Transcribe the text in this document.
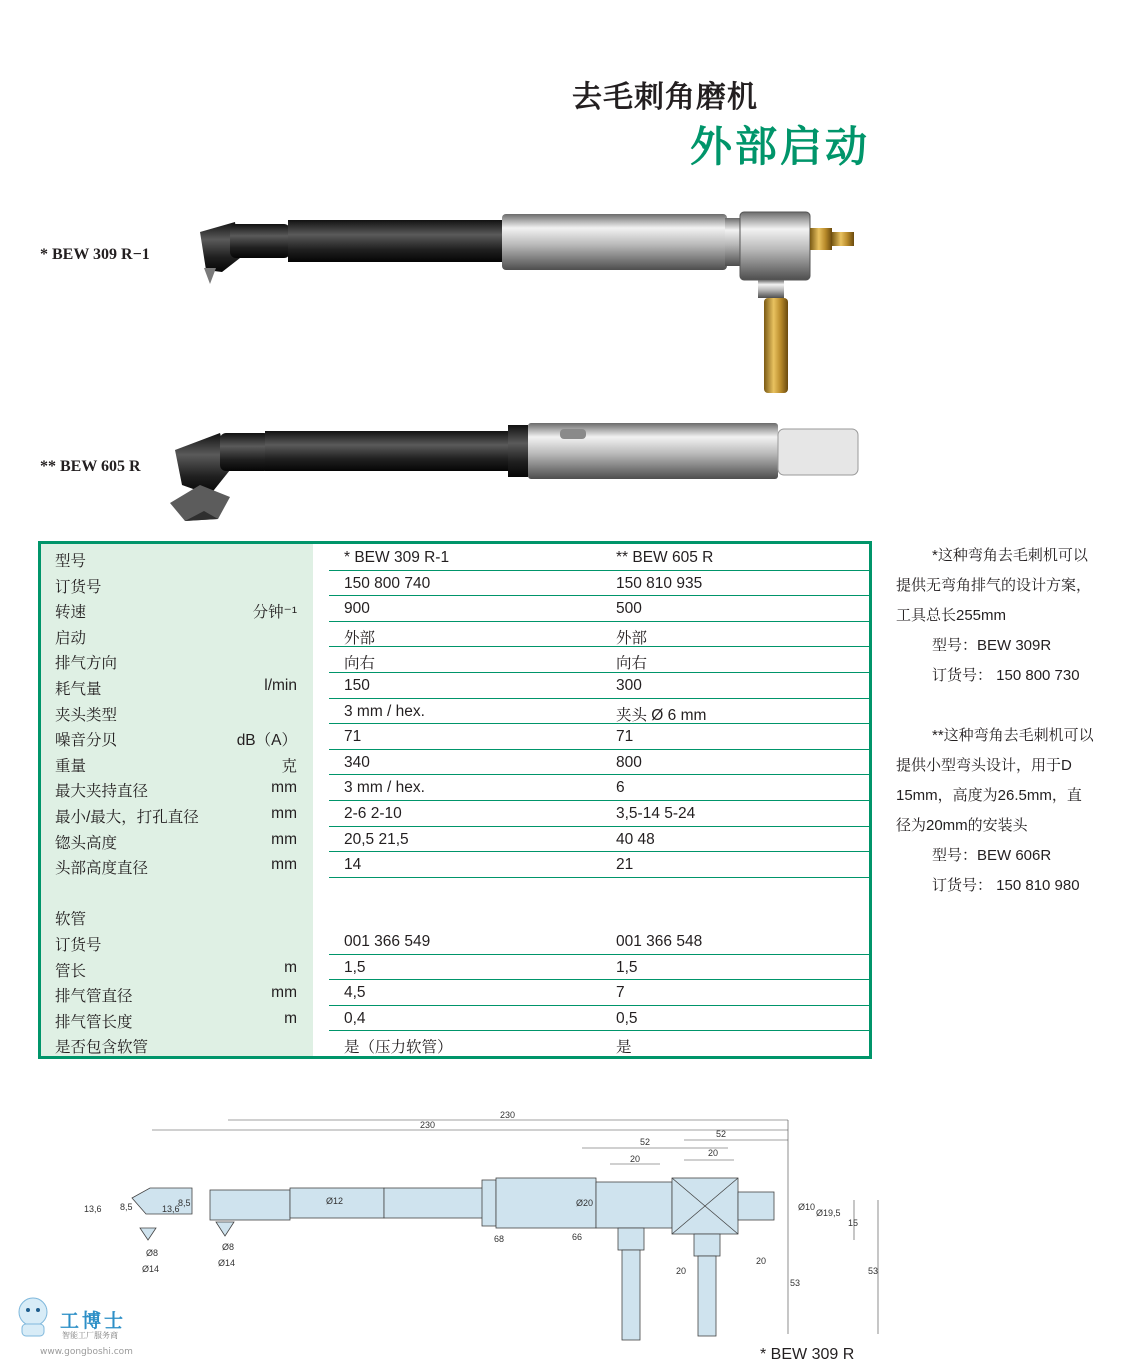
去毛刺角磨机
外部启动
* BEW 309 R−1
** BEW 605 R
型号	* BEW 309 R-1	** BEW 605 R
订货号	150 800 740	150 810 935
转速	分钟⁻¹	900	500
启动	外部	外部
排气方向	向右	向右
耗气量	l/min	150	300
夹头类型	3 mm / hex.	夹头 Ø 6 mm
噪音分贝	dB（A）	71	71
重量	克	340	800
最大夹持直径	mm	3 mm / hex.	6
最小/最大，打孔直径	mm	2-6 2-10	3,5-14 5-24
锪头高度	mm	20,5 21,5	40 48
头部高度直径	mm	14	21
软管
订货号	001 366 549	001 366 548
管长	m	1,5	1,5
排气管直径	mm	4,5	7
排气管长度	m	0,4	0,5
是否包含软管	是（压力软管）	是

*这种弯角去毛刺机可以

提供无弯角排气的设计方案，

工具总长255mm

型号：BEW 309R

订货号： 150 800 730

**这种弯角去毛刺机可以

提供小型弯头设计，用于D

15mm，高度为26.5mm，直

径为20mm的安装头

型号：BEW 606R

订货号： 150 810 980

230
230
52
52
20
20
13,6 8,5	13,6
8,5	Ø12	Ø20
Ø8
Ø14
Ø8
Ø14
68	66
20
20
53
53
15
Ø10
Ø19,5
* BEW 309 R
工博士
智能工厂服务商
www.gongboshi.com
